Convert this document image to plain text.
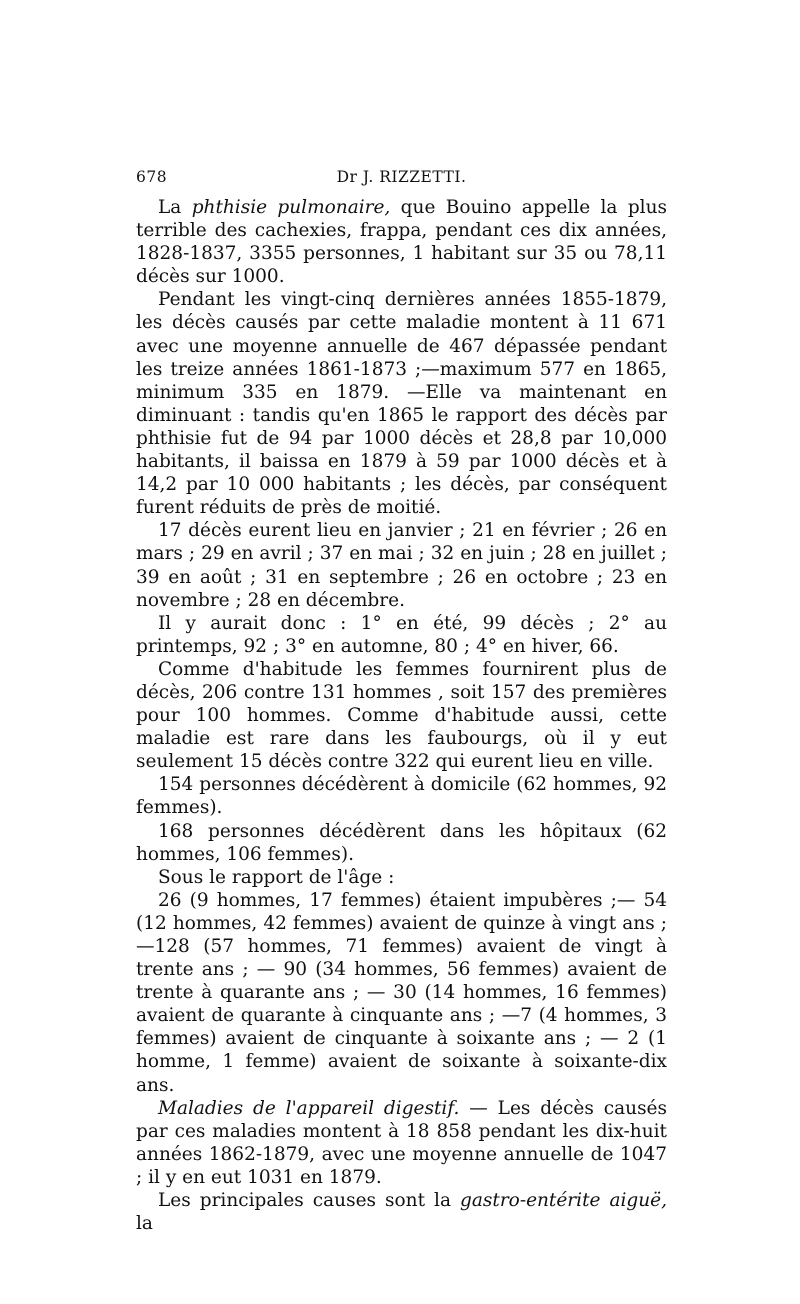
678	Dr J. RIZZETTI.

La phthisie pulmonaire, que Bouino appelle la plus terrible des cachexies, frappa, pendant ces dix années, 1828-1837, 3355 personnes, 1 habitant sur 35 ou 78,11 décès sur 1000.

Pendant les vingt-cinq dernières années 1855-1879, les décès causés par cette maladie montent à 11 671 avec une moyenne annuelle de 467 dépassée pendant les treize années 1861-1873 ;—maximum 577 en 1865, minimum 335 en 1879. —Elle va maintenant en diminuant : tandis qu'en 1865 le rapport des décès par phthisie fut de 94 par 1000 décès et 28,8 par 10,000 habitants, il baissa en 1879 à 59 par 1000 décès et à 14,2 par 10 000 habitants ; les décès, par conséquent furent réduits de près de moitié.

17 décès eurent lieu en janvier ; 21 en février ; 26 en mars ; 29 en avril ; 37 en mai ; 32 en juin ; 28 en juillet ; 39 en août ; 31 en septembre ; 26 en octobre ; 23 en novembre ; 28 en décembre.

Il y aurait donc : 1° en été, 99 décès ; 2° au printemps, 92 ; 3° en automne, 80 ; 4° en hiver, 66.

Comme d'habitude les femmes fournirent plus de décès, 206 contre 131 hommes , soit 157 des premières pour 100 hommes. Comme d'habitude aussi, cette maladie est rare dans les faubourgs, où il y eut seulement 15 décès contre 322 qui eurent lieu en ville.

154 personnes décédèrent à domicile (62 hommes, 92 femmes).

168 personnes décédèrent dans les hôpitaux (62 hommes, 106 femmes).

Sous le rapport de l'âge :

26 (9 hommes, 17 femmes) étaient impubères ;— 54 (12 hommes, 42 femmes) avaient de quinze à vingt ans ;—128 (57 hommes, 71 femmes) avaient de vingt à trente ans ; — 90 (34 hommes, 56 femmes) avaient de trente à quarante ans ; — 30 (14 hommes, 16 femmes) avaient de quarante à cinquante ans ; —7 (4 hommes, 3 femmes) avaient de cinquante à soixante ans ; — 2 (1 homme, 1 femme) avaient de soixante à soixante-dix ans.

Maladies de l'appareil digestif. — Les décès causés par ces maladies montent à 18 858 pendant les dix-huit années 1862-1879, avec une moyenne annuelle de 1047 ; il y en eut 1031 en 1879.

Les principales causes sont la gastro-entérite aiguë, la
